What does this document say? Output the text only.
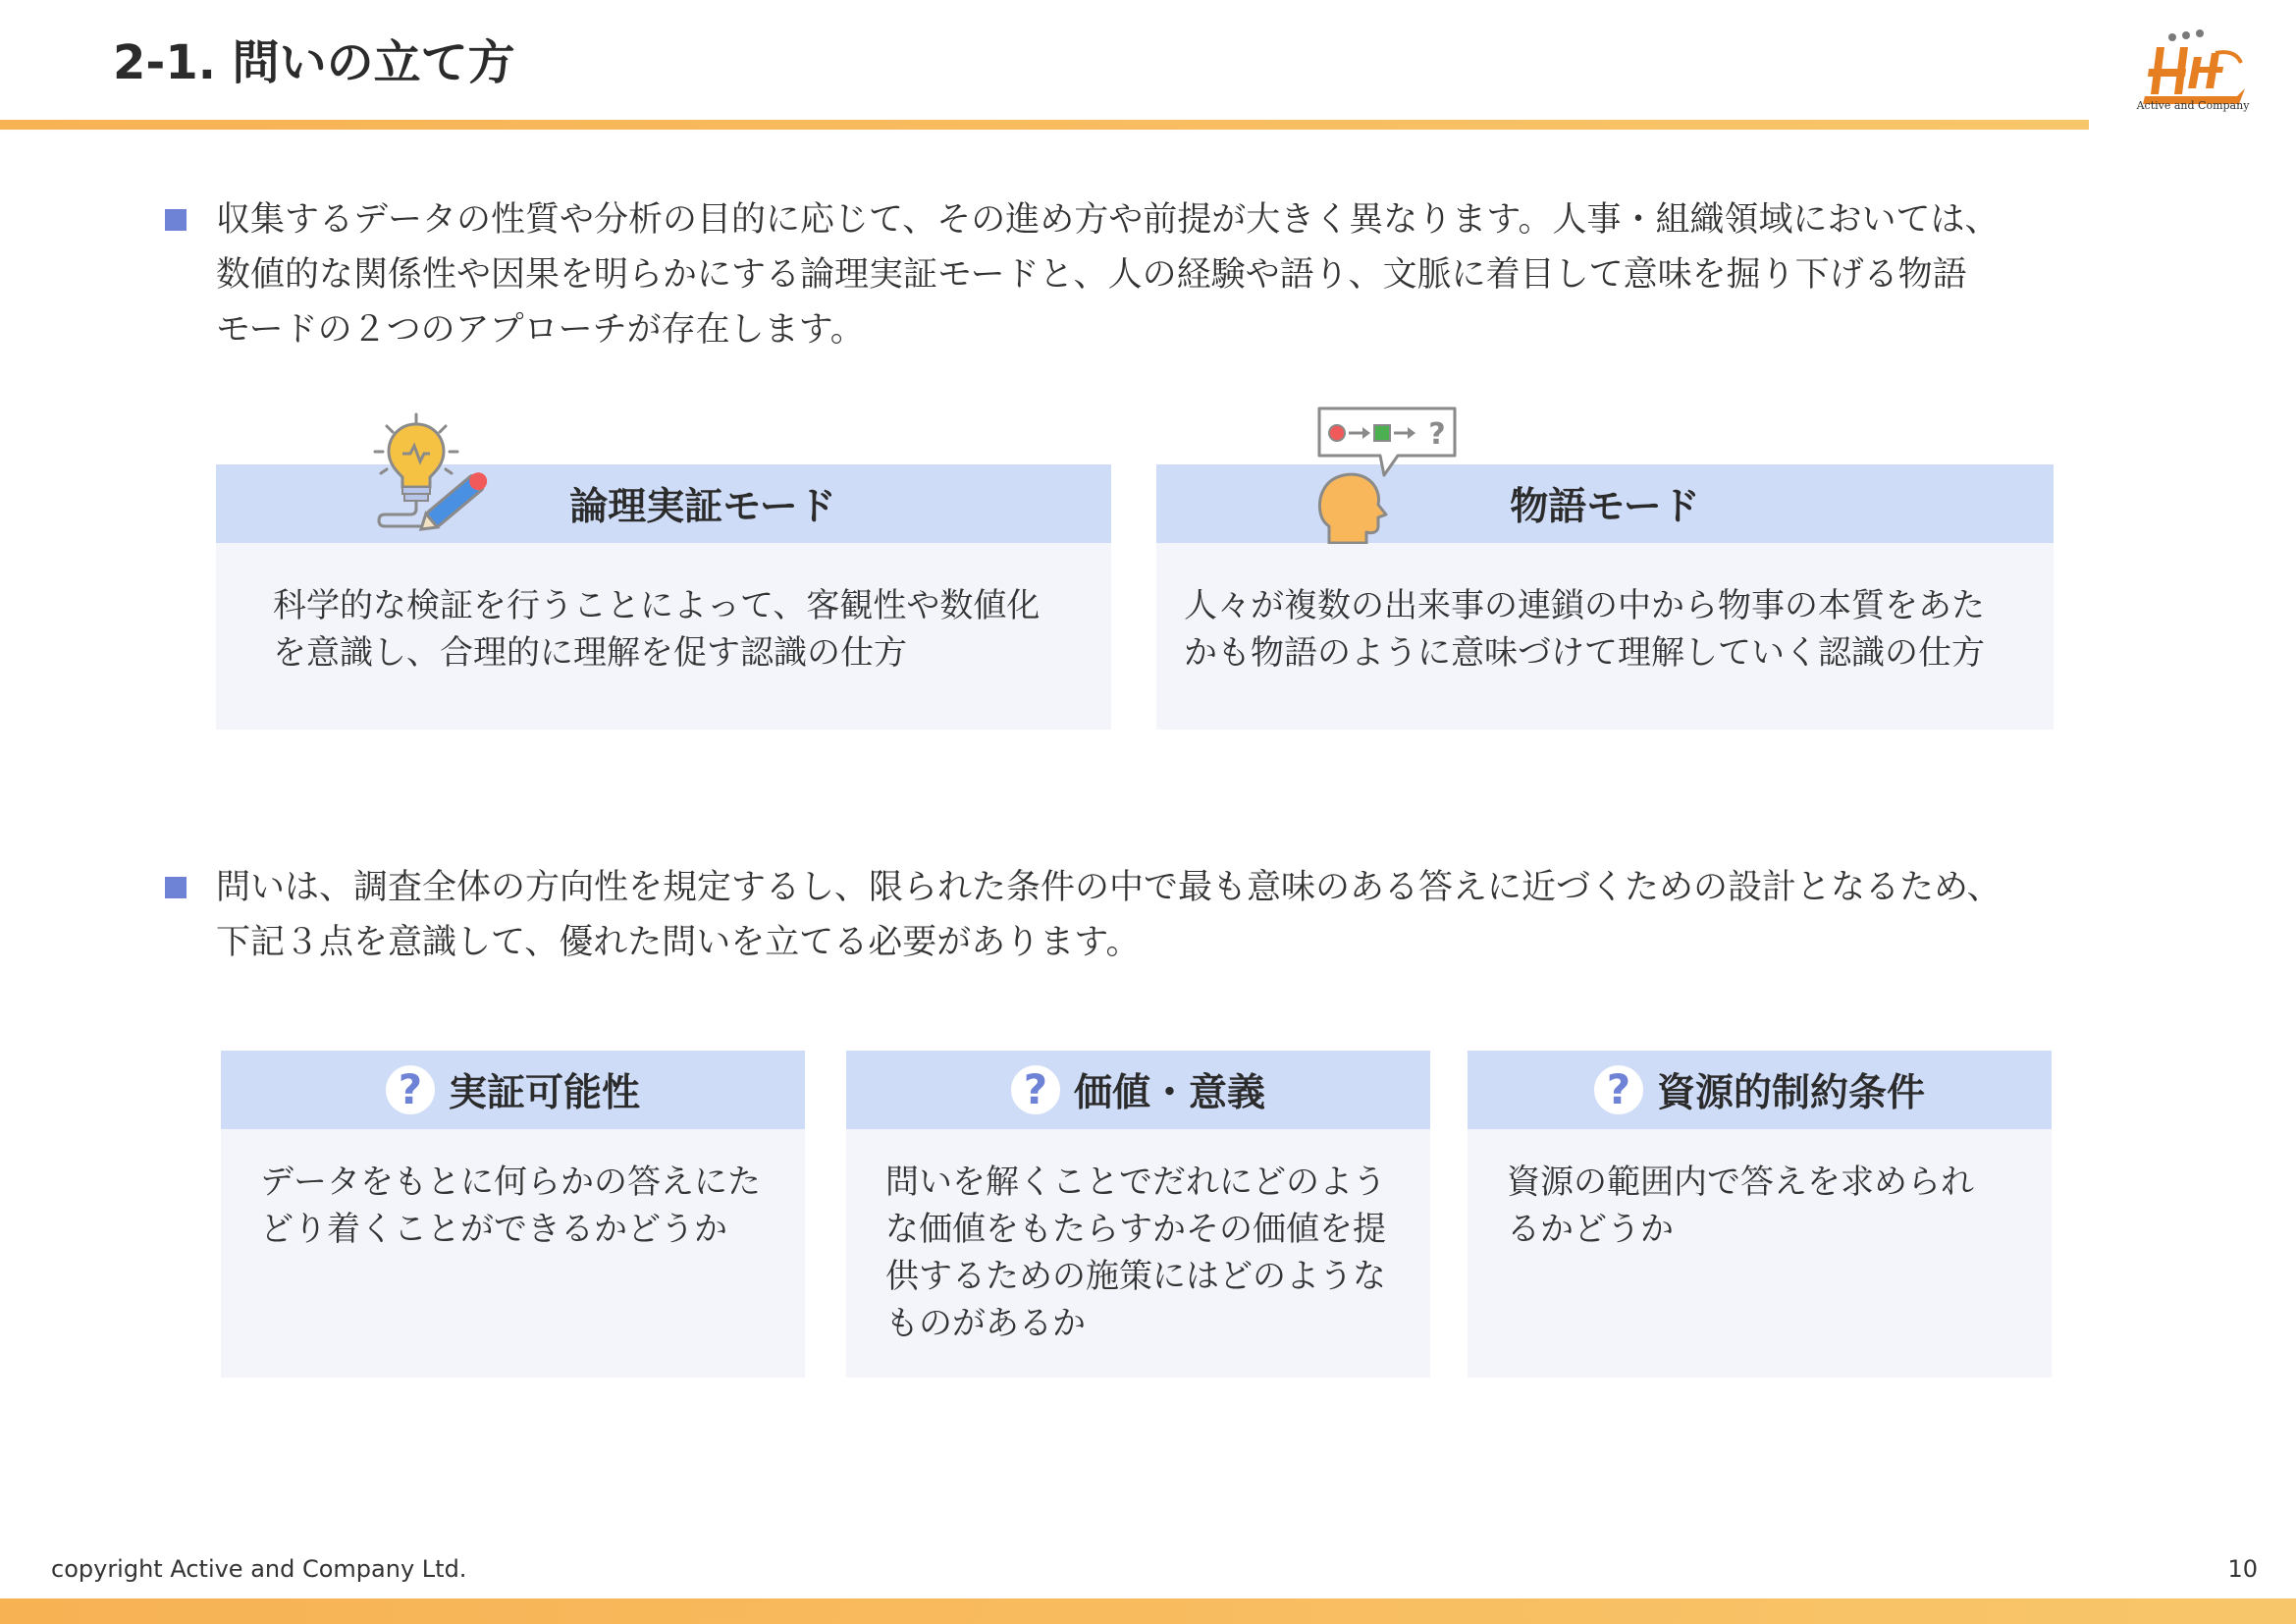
2-1. 問いの立て方
Active and Company
収集するデータの性質や分析の目的に応じて、その進め方や前提が大きく異なります。人事・組織領域においては、
数値的な関係性や因果を明らかにする論理実証モードと、人の経験や語り、文脈に着目して意味を掘り下げる物語
モードの２つのアプローチが存在します。
論理実証モード
科学的な検証を行うことによって、客観性や数値化
を意識し、合理的に理解を促す認識の仕方
物語モード
人々が複数の出来事の連鎖の中から物事の本質をあた
かも物語のように意味づけて理解していく認識の仕方
?
問いは、調査全体の方向性を規定するし、限られた条件の中で最も意味のある答えに近づくための設計となるため、
下記３点を意識して、優れた問いを立てる必要があります。
? 実証可能性
データをもとに何らかの答えにた
どり着くことができるかどうか
? 価値・意義
問いを解くことでだれにどのよう
な価値をもたらすかその価値を提
供するための施策にはどのような
ものがあるか
? 資源的制約条件
資源の範囲内で答えを求められ
るかどうか
copyright Active and Company Ltd.	10
